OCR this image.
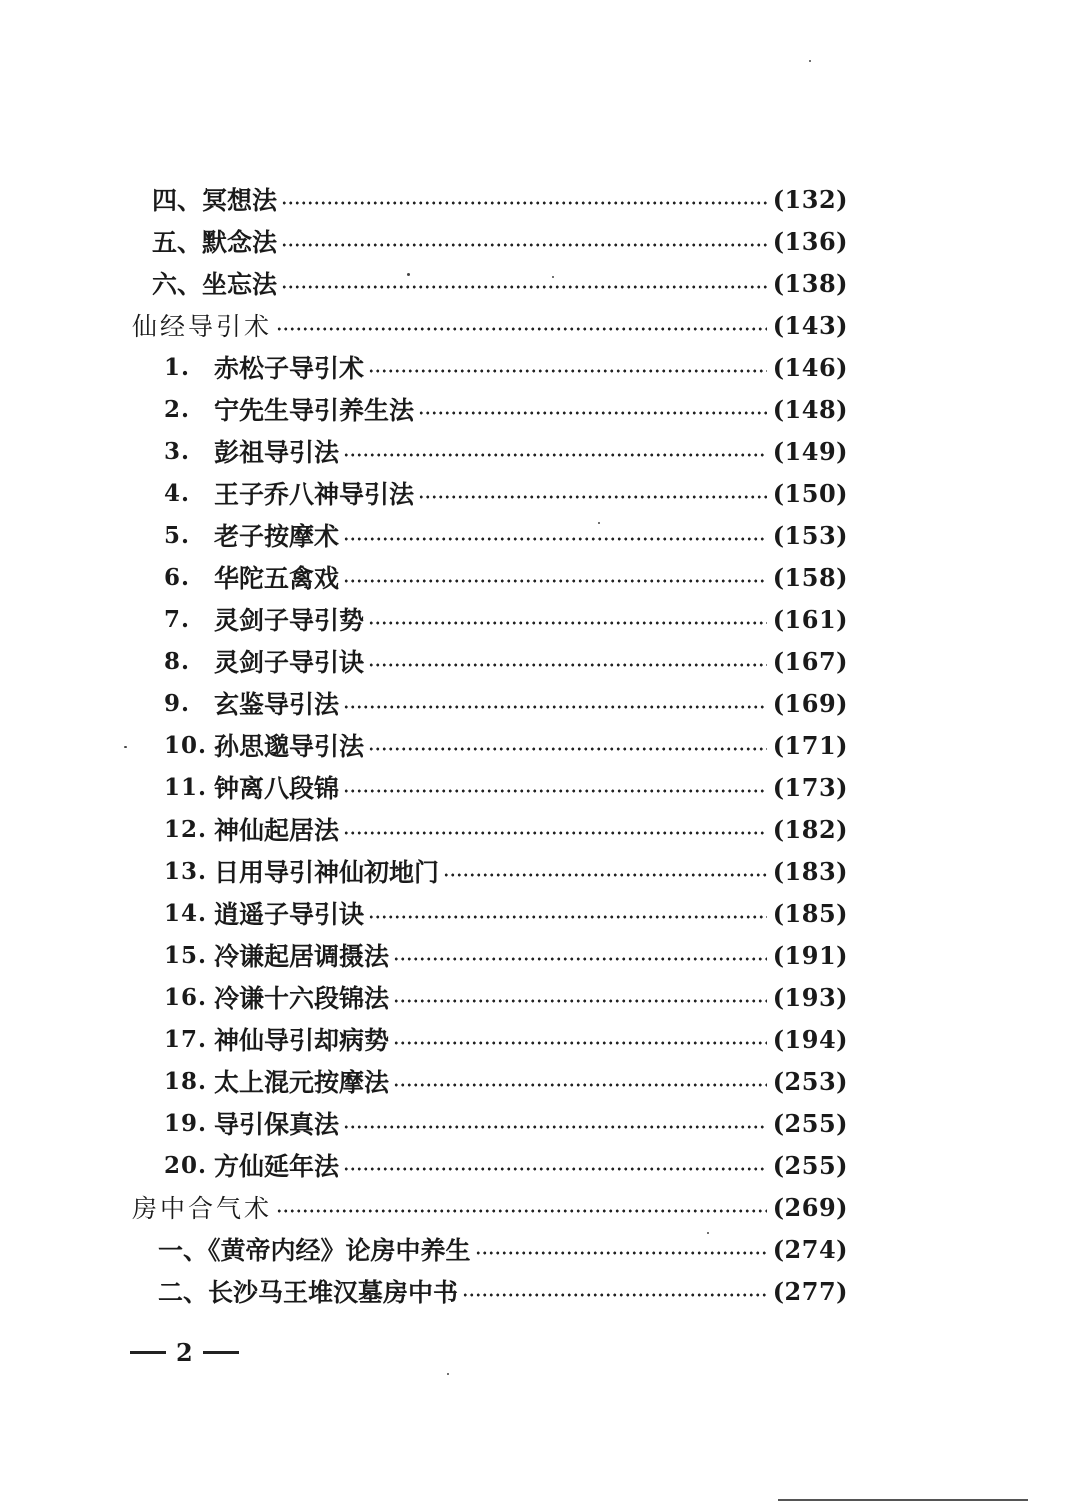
四、冥想法	(132)
五、默念法	(136)
六、坐忘法	(138)
仙经导引术	(143)
1. 赤松子导引术	(146)
2. 宁先生导引养生法	(148)
3. 彭祖导引法	(149)
4. 王子乔八神导引法	(150)
5. 老子按摩术	(153)
6. 华陀五禽戏	(158)
7. 灵剑子导引势	(161)
8. 灵剑子导引诀	(167)
9. 玄鉴导引法	(169)
10. 孙思邈导引法	(171)
11. 钟离八段锦	(173)
12. 神仙起居法	(182)
13. 日用导引神仙初地门	(183)
14. 逍遥子导引诀	(185)
15. 冷谦起居调摄法	(191)
16. 冷谦十六段锦法	(193)
17. 神仙导引却病势	(194)
18. 太上混元按摩法	(253)
19. 导引保真法	(255)
20. 方仙延年法	(255)
房中合气术	(269)
一、《黄帝内经》论房中养生	(274)
二、长沙马王堆汉墓房中书	(277)
2
